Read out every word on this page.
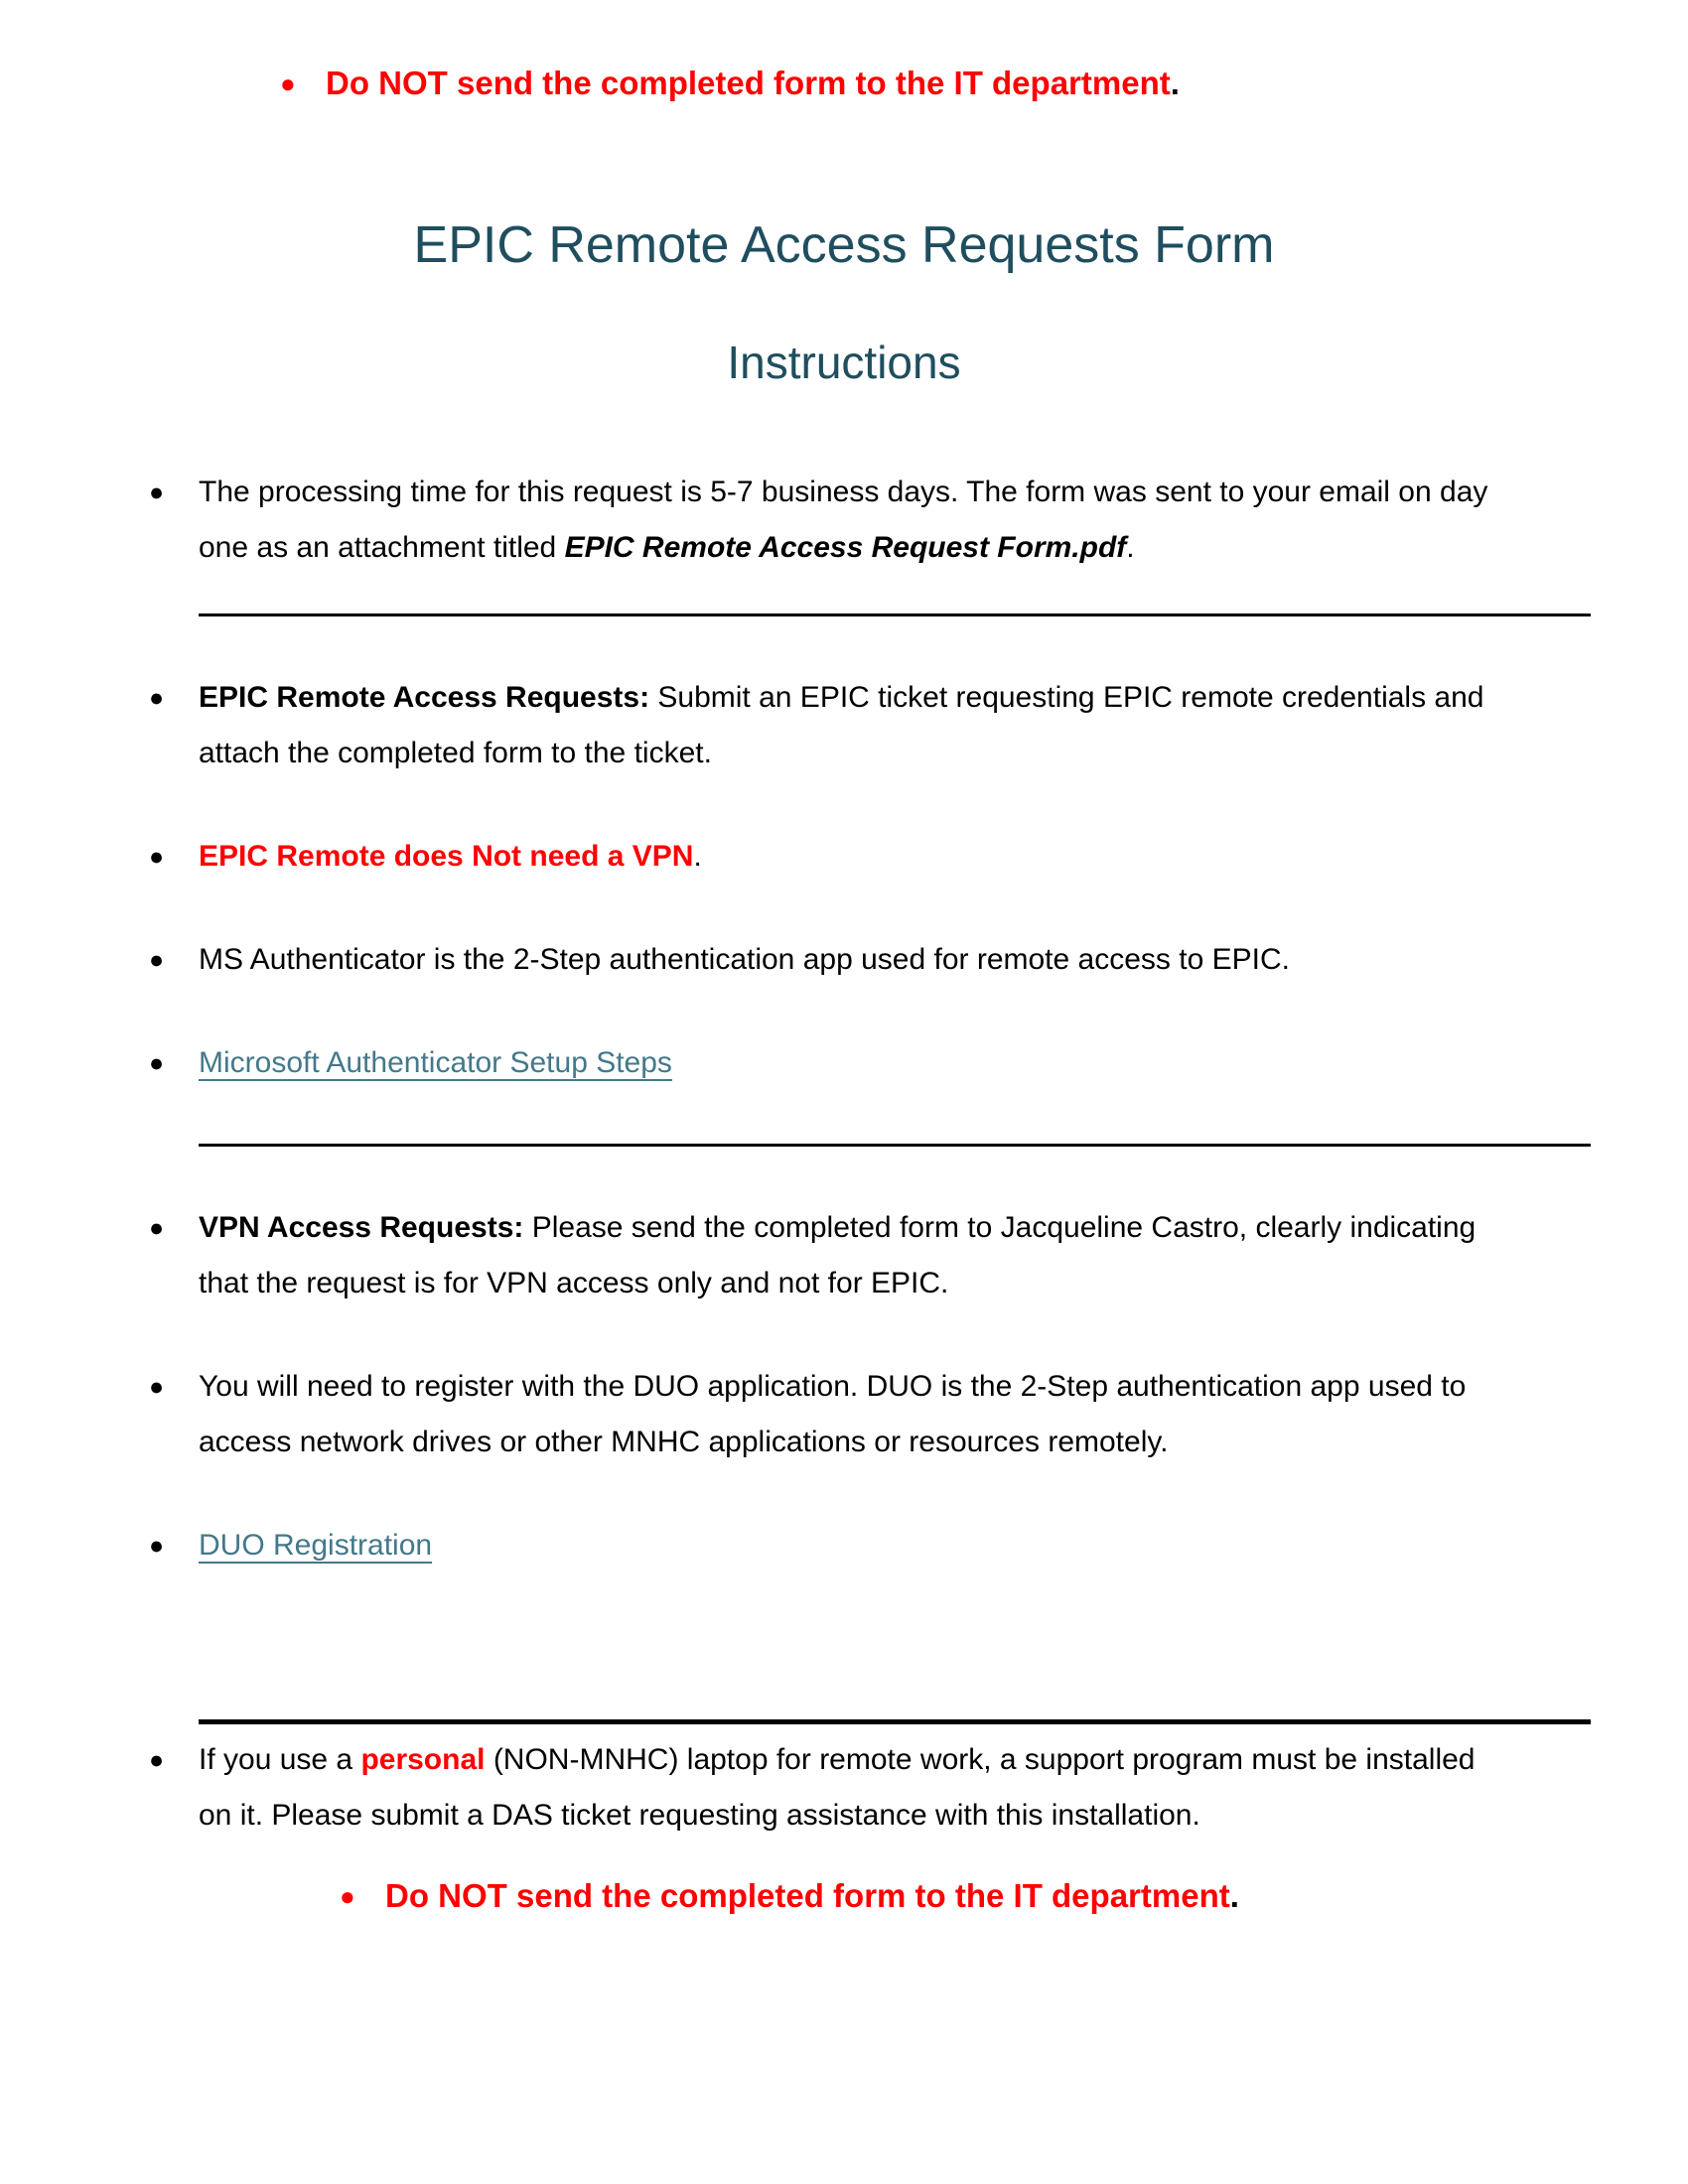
● Do NOT send the completed form to the IT department.
EPIC Remote Access Requests Form
Instructions
●	The processing time for this request is 5-7 business days. The form was sent to your email on day one as an attachment titled EPIC Remote Access Request Form.pdf.
●	EPIC Remote Access Requests: Submit an EPIC ticket requesting EPIC remote credentials and attach the completed form to the ticket.
●	EPIC Remote does Not need a VPN.
●	MS Authenticator is the 2-Step authentication app used for remote access to EPIC.
●	Microsoft Authenticator Setup Steps
●	VPN Access Requests: Please send the completed form to Jacqueline Castro, clearly indicating that the request is for VPN access only and not for EPIC.
●	You will need to register with the DUO application. DUO is the 2-Step authentication app used to access network drives or other MNHC applications or resources remotely.
●	DUO Registration
●	If you use a personal (NON-MNHC) laptop for remote work, a support program must be installed on it. Please submit a DAS ticket requesting assistance with this installation.
● Do NOT send the completed form to the IT department.
